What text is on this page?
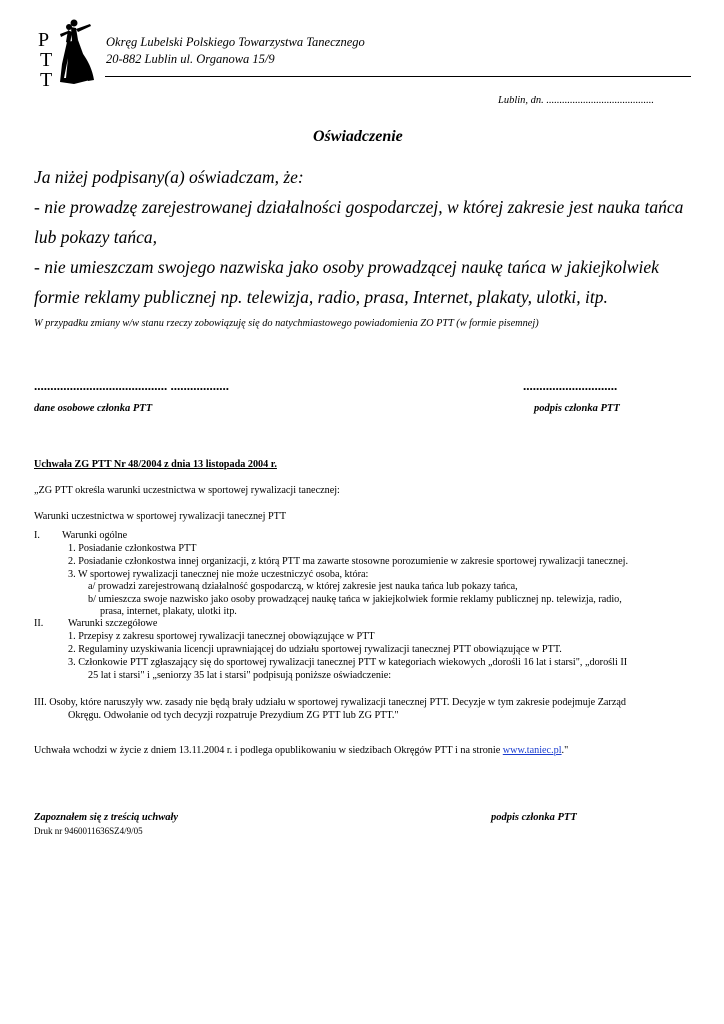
P
T
T
Okręg Lubelski Polskiego Towarzystwa Tanecznego
20-882 Lublin ul. Organowa 15/9
Lublin, dn. .........................................
Oświadczenie
Ja niżej podpisany(a) oświadczam, że:
- nie prowadzę zarejestrowanej działalności gospodarczej, w której zakresie jest nauka tańca
lub pokazy tańca,
- nie umieszczam swojego nazwiska jako osoby prowadzącej naukę tańca w jakiejkolwiek
formie reklamy publicznej np. telewizja, radio, prasa, Internet, plakaty, ulotki, itp.
W przypadku zmiany w/w stanu rzeczy zobowiązuję się do natychmiastowego powiadomienia ZO PTT (w formie pisemnej)
......................................... ..................	.............................
dane osobowe członka PTT	podpis członka PTT
Uchwała ZG PTT Nr 48/2004 z dnia 13 listopada 2004 r.
„ZG PTT określa warunki uczestnictwa w sportowej rywalizacji tanecznej:
Warunki uczestnictwa w sportowej rywalizacji tanecznej PTT
I. Warunki ogólne
1. Posiadanie członkostwa PTT
2. Posiadanie członkostwa innej organizacji, z którą PTT ma zawarte stosowne porozumienie w zakresie sportowej rywalizacji tanecznej.
3. W sportowej rywalizacji tanecznej nie może uczestniczyć osoba, która:
a/ prowadzi zarejestrowaną działalność gospodarczą, w której zakresie jest nauka tańca lub pokazy tańca,
b/ umieszcza swoje nazwisko jako osoby prowadzącej naukę tańca w jakiejkolwiek formie reklamy publicznej np. telewizja, radio,
prasa, internet, plakaty, ulotki itp.
II. Warunki szczegółowe
1. Przepisy z zakresu sportowej rywalizacji tanecznej obowiązujące w PTT
2. Regulaminy uzyskiwania licencji uprawniającej do udziału sportowej rywalizacji tanecznej PTT obowiązujące w PTT.
3. Członkowie PTT zgłaszający się do sportowej rywalizacji tanecznej PTT w kategoriach wiekowych „dorośli 16 lat i starsi", „dorośli II
25 lat i starsi" i „seniorzy 35 lat i starsi" podpisują poniższe oświadczenie:
III. Osoby, które naruszyły ww. zasady nie będą brały udziału w sportowej rywalizacji tanecznej PTT. Decyzje w tym zakresie podejmuje Zarząd
Okręgu. Odwołanie od tych decyzji rozpatruje Prezydium ZG PTT lub ZG PTT."
Uchwała wchodzi w życie z dniem 13.11.2004 r. i podlega opublikowaniu w siedzibach Okręgów PTT i na stronie www.taniec.pl."
Zapoznałem się z treścią uchwały	podpis członka PTT
Druk nr 9460011636SZ4/9/05
